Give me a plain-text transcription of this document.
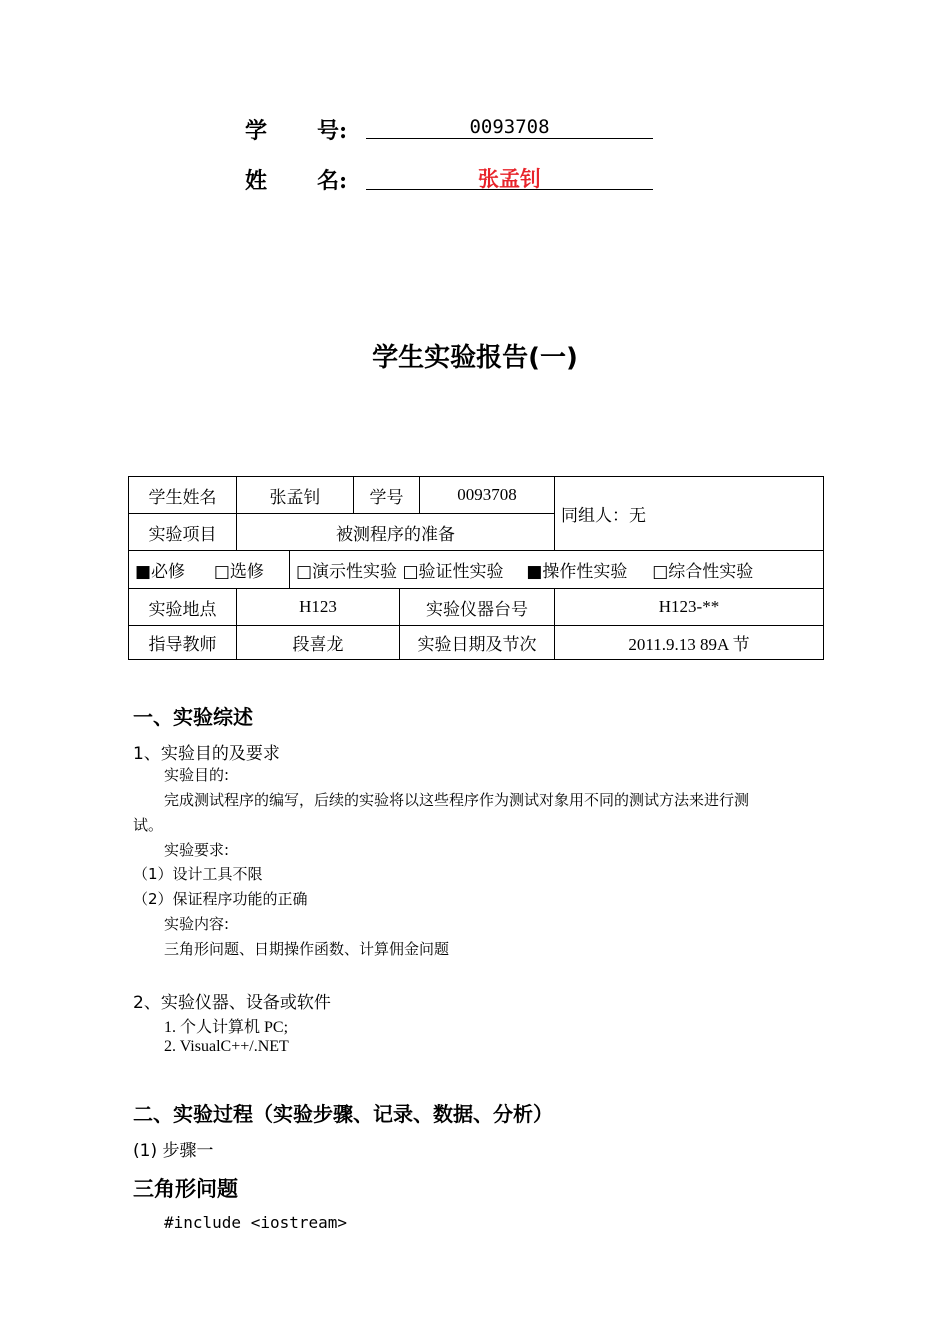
学 号:	0093708
姓 名:	张孟钊
学生实验报告(一)
学生姓名	张孟钊		学号		0093708	同组人：无
实验项目	被测程序的准备					
■必修 □选修		□演示性实验 □验证性实验 ■操作性实验 □综合性实验				
实验地点	H123			实验仪器台号		H123-**
指导教师	段喜龙			实验日期及节次		2011.9.13 89A 节
一、实验综述
1、实验目的及要求
实验目的:
完成测试程序的编写，后续的实验将以这些程序作为测试对象用不同的测试方法来进行测
试。
实验要求:
（1）设计工具不限
（2）保证程序功能的正确
实验内容:
三角形问题、日期操作函数、计算佣金问题
2、实验仪器、设备或软件
1. 个人计算机 PC;
2. VisualC++/.NET
二、实验过程（实验步骤、记录、数据、分析）
(1) 步骤一
三角形问题
#include <iostream>
